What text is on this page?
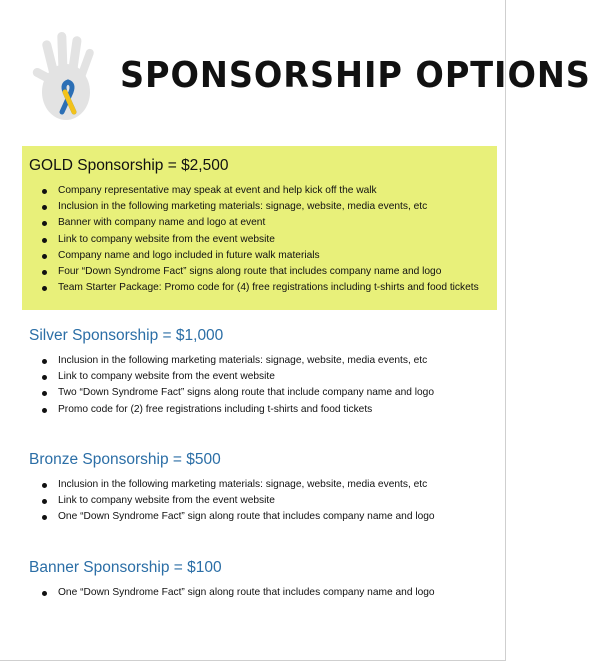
SPONSORSHIP OPTIONS
GOLD Sponsorship = $2,500
Company representative may speak at event and help kick off the walk
Inclusion in the following marketing materials: signage, website, media events, etc
Banner with company name and logo at event
Link to company website from the event website
Company name and logo included in future walk materials
Four “Down Syndrome Fact” signs along route that includes company name and logo
Team Starter Package: Promo code for (4) free registrations including t-shirts and food tickets
Silver Sponsorship = $1,000
Inclusion in the following marketing materials: signage, website, media events, etc
Link to company website from the event website
Two “Down Syndrome Fact” signs along route that include company name and logo
Promo code for (2) free registrations including t-shirts and food tickets
Bronze Sponsorship = $500
Inclusion in the following marketing materials: signage, website, media events, etc
Link to company website from the event website
One “Down Syndrome Fact” sign along route that includes company name and logo
Banner Sponsorship = $100
One “Down Syndrome Fact” sign along route that includes company name and logo
